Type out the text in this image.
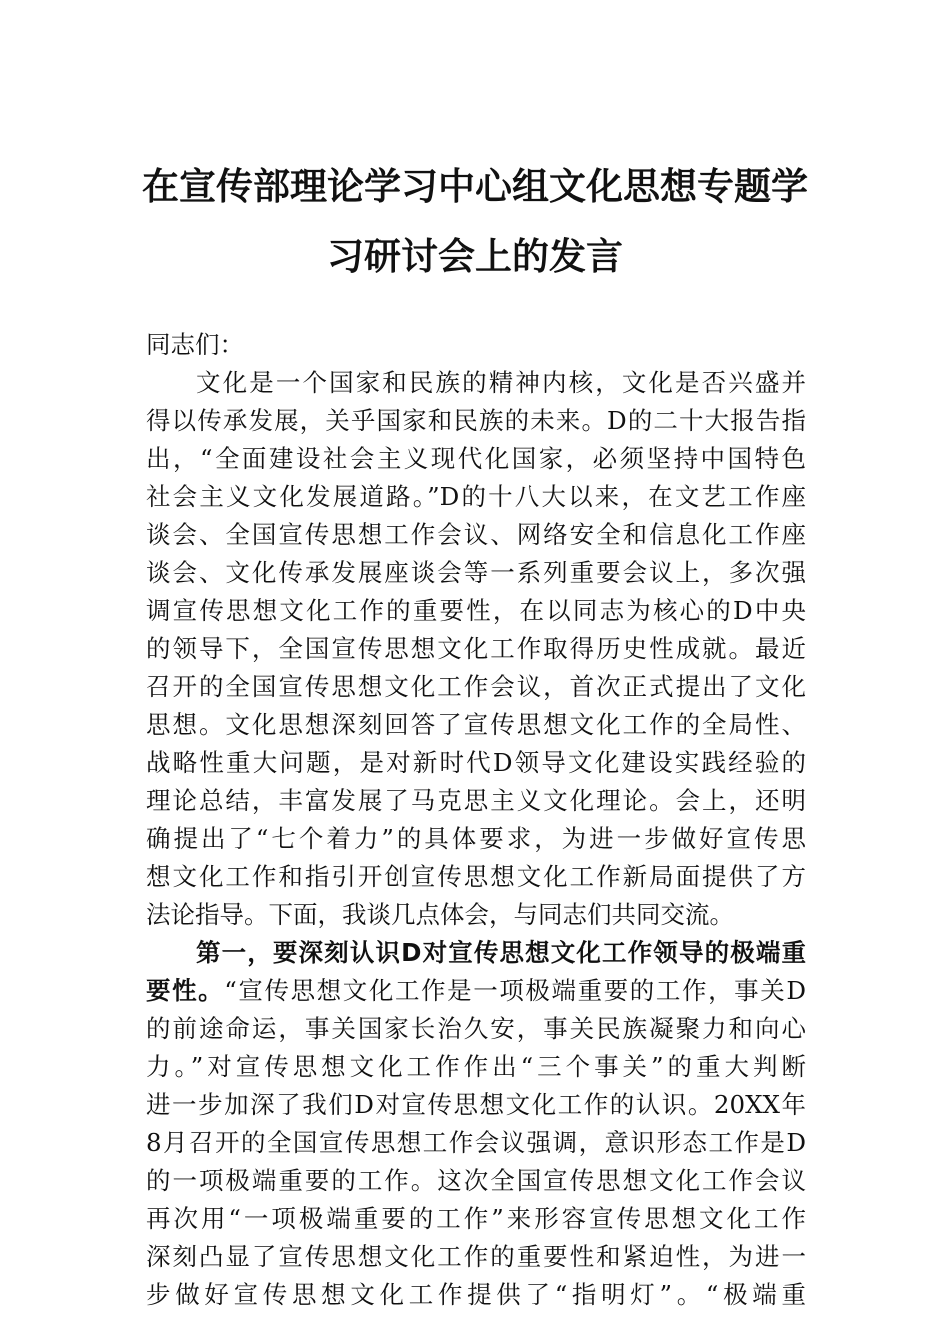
在宣传部理论学习中心组文化思想专题学
习研讨会上的发言
同志们：
文化是一个国家和民族的精神内核，文化是否兴盛并
得以传承发展，关乎国家和民族的未来。D的二十大报告指
出，“全面建设社会主义现代化国家，必须坚持中国特色
社会主义文化发展道路。”D的十八大以来，在文艺工作座
谈会、全国宣传思想工作会议、网络安全和信息化工作座
谈会、文化传承发展座谈会等一系列重要会议上，多次强
调宣传思想文化工作的重要性，在以同志为核心的D中央
的领导下，全国宣传思想文化工作取得历史性成就。最近
召开的全国宣传思想文化工作会议，首次正式提出了文化
思想。文化思想深刻回答了宣传思想文化工作的全局性、
战略性重大问题，是对新时代D领导文化建设实践经验的
理论总结，丰富发展了马克思主义文化理论。会上，还明
确提出了“七个着力”的具体要求，为进一步做好宣传思
想文化工作和指引开创宣传思想文化工作新局面提供了方
法论指导。下面，我谈几点体会，与同志们共同交流。
第一，要深刻认识D对宣传思想文化工作领导的极端重
要性。“宣传思想文化工作是一项极端重要的工作，事关D
的前途命运，事关国家长治久安，事关民族凝聚力和向心
力。”对宣传思想文化工作作出“三个事关”的重大判断
进一步加深了我们D对宣传思想文化工作的认识。20XX年
8月召开的全国宣传思想工作会议强调，意识形态工作是D
的一项极端重要的工作。这次全国宣传思想文化工作会议
再次用“一项极端重要的工作”来形容宣传思想文化工作
深刻凸显了宣传思想文化工作的重要性和紧迫性，为进一
步做好宣传思想文化工作提供了“指明灯”。“极端重
